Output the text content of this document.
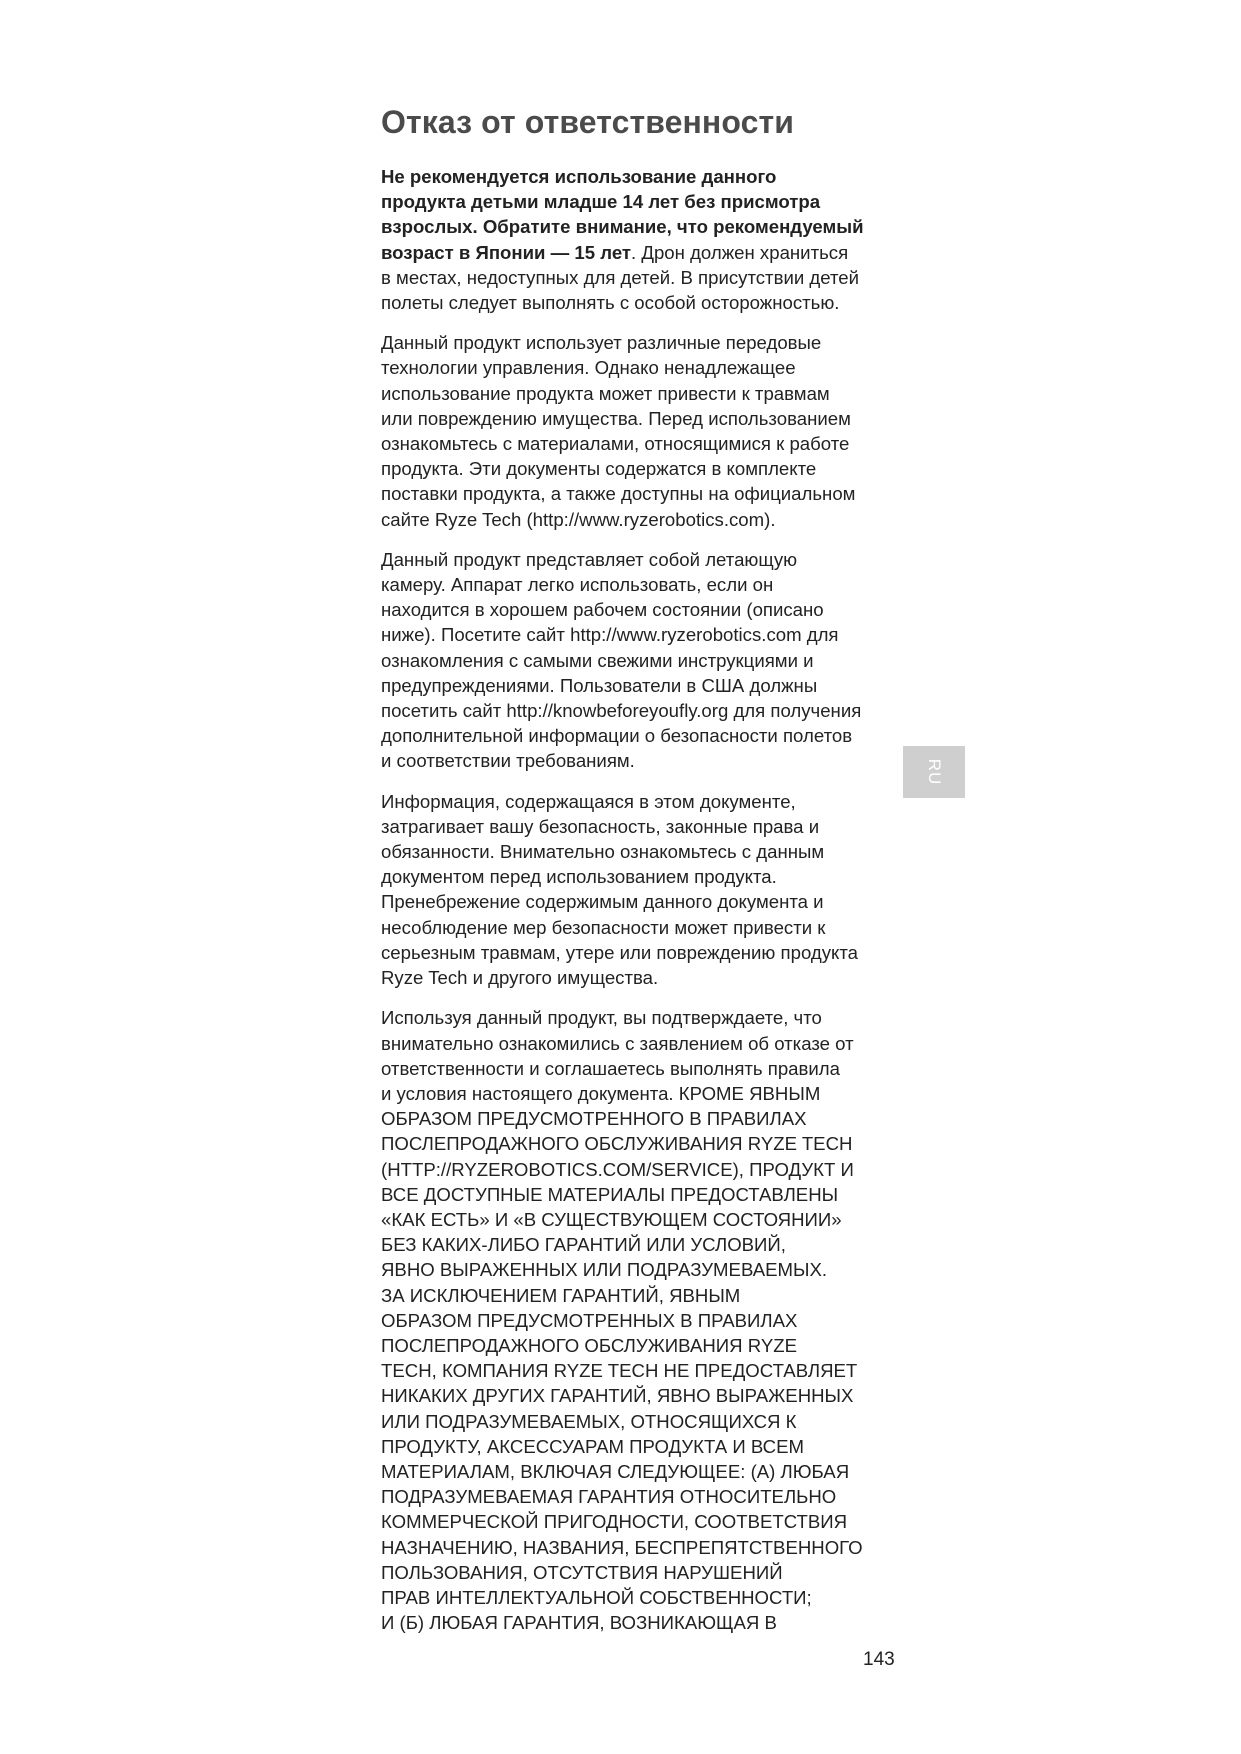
Отказ от ответственности

Не рекомендуется использование данного
продукта детьми младше 14 лет без присмотра
взрослых. Обратите внимание, что рекомендуемый
возраст в Японии — 15 лет. Дрон должен храниться
в местах, недоступных для детей. В присутствии детей
полеты следует выполнять с особой осторожностью.

Данный продукт использует различные передовые
технологии управления. Однако ненадлежащее
использование продукта может привести к травмам
или повреждению имущества. Перед использованием
ознакомьтесь с материалами, относящимися к работе
продукта. Эти документы содержатся в комплекте
поставки продукта, а также доступны на официальном
сайте Ryze Tech (http://www.ryzerobotics.com).

Данный продукт представляет собой летающую
камеру. Аппарат легко использовать, если он
находится в хорошем рабочем состоянии (описано
ниже). Посетите сайт http://www.ryzerobotics.com для
ознакомления с самыми свежими инструкциями и
предупреждениями. Пользователи в США должны
посетить сайт http://knowbeforeyoufly.org для получения
дополнительной информации о безопасности полетов
и соответствии требованиям.

Информация, содержащаяся в этом документе,
затрагивает вашу безопасность, законные права и
обязанности. Внимательно ознакомьтесь с данным
документом перед использованием продукта.
Пренебрежение содержимым данного документа и
несоблюдение мер безопасности может привести к
серьезным травмам, утере или повреждению продукта
Ryze Tech и другого имущества.

Используя данный продукт, вы подтверждаете, что
внимательно ознакомились с заявлением об отказе от
ответственности и соглашаетесь выполнять правила
и условия настоящего документа. КРОМЕ ЯВНЫМ
ОБРАЗОМ ПРЕДУСМОТРЕННОГО В ПРАВИЛАХ
ПОСЛЕПРОДАЖНОГО ОБСЛУЖИВАНИЯ RYZE TECH
(HTTP://RYZEROBOTICS.COM/SERVICE), ПРОДУКТ И
ВСЕ ДОСТУПНЫЕ МАТЕРИАЛЫ ПРЕДОСТАВЛЕНЫ
«КАК ЕСТЬ» И «В СУЩЕСТВУЮЩЕМ СОСТОЯНИИ»
БЕЗ КАКИХ-ЛИБО ГАРАНТИЙ ИЛИ УСЛОВИЙ,
ЯВНО ВЫРАЖЕННЫХ ИЛИ ПОДРАЗУМЕВАЕМЫХ.
ЗА ИСКЛЮЧЕНИЕМ ГАРАНТИЙ, ЯВНЫМ
ОБРАЗОМ ПРЕДУСМОТРЕННЫХ В ПРАВИЛАХ
ПОСЛЕПРОДАЖНОГО ОБСЛУЖИВАНИЯ RYZE
TECH, КОМПАНИЯ RYZE TECH НЕ ПРЕДОСТАВЛЯЕТ
НИКАКИХ ДРУГИХ ГАРАНТИЙ, ЯВНО ВЫРАЖЕННЫХ
ИЛИ ПОДРАЗУМЕВАЕМЫХ, ОТНОСЯЩИХСЯ К
ПРОДУКТУ, АКСЕССУАРАМ ПРОДУКТА И ВСЕМ
МАТЕРИАЛАМ, ВКЛЮЧАЯ СЛЕДУЮЩЕЕ: (А) ЛЮБАЯ
ПОДРАЗУМЕВАЕМАЯ ГАРАНТИЯ ОТНОСИТЕЛЬНО
КОММЕРЧЕСКОЙ ПРИГОДНОСТИ, СООТВЕТСТВИЯ
НАЗНАЧЕНИЮ, НАЗВАНИЯ, БЕСПРЕПЯТСТВЕННОГО
ПОЛЬЗОВАНИЯ, ОТСУТСТВИЯ НАРУШЕНИЙ
ПРАВ ИНТЕЛЛЕКТУАЛЬНОЙ СОБСТВЕННОСТИ;
И (Б) ЛЮБАЯ ГАРАНТИЯ, ВОЗНИКАЮЩАЯ В

RU
143
